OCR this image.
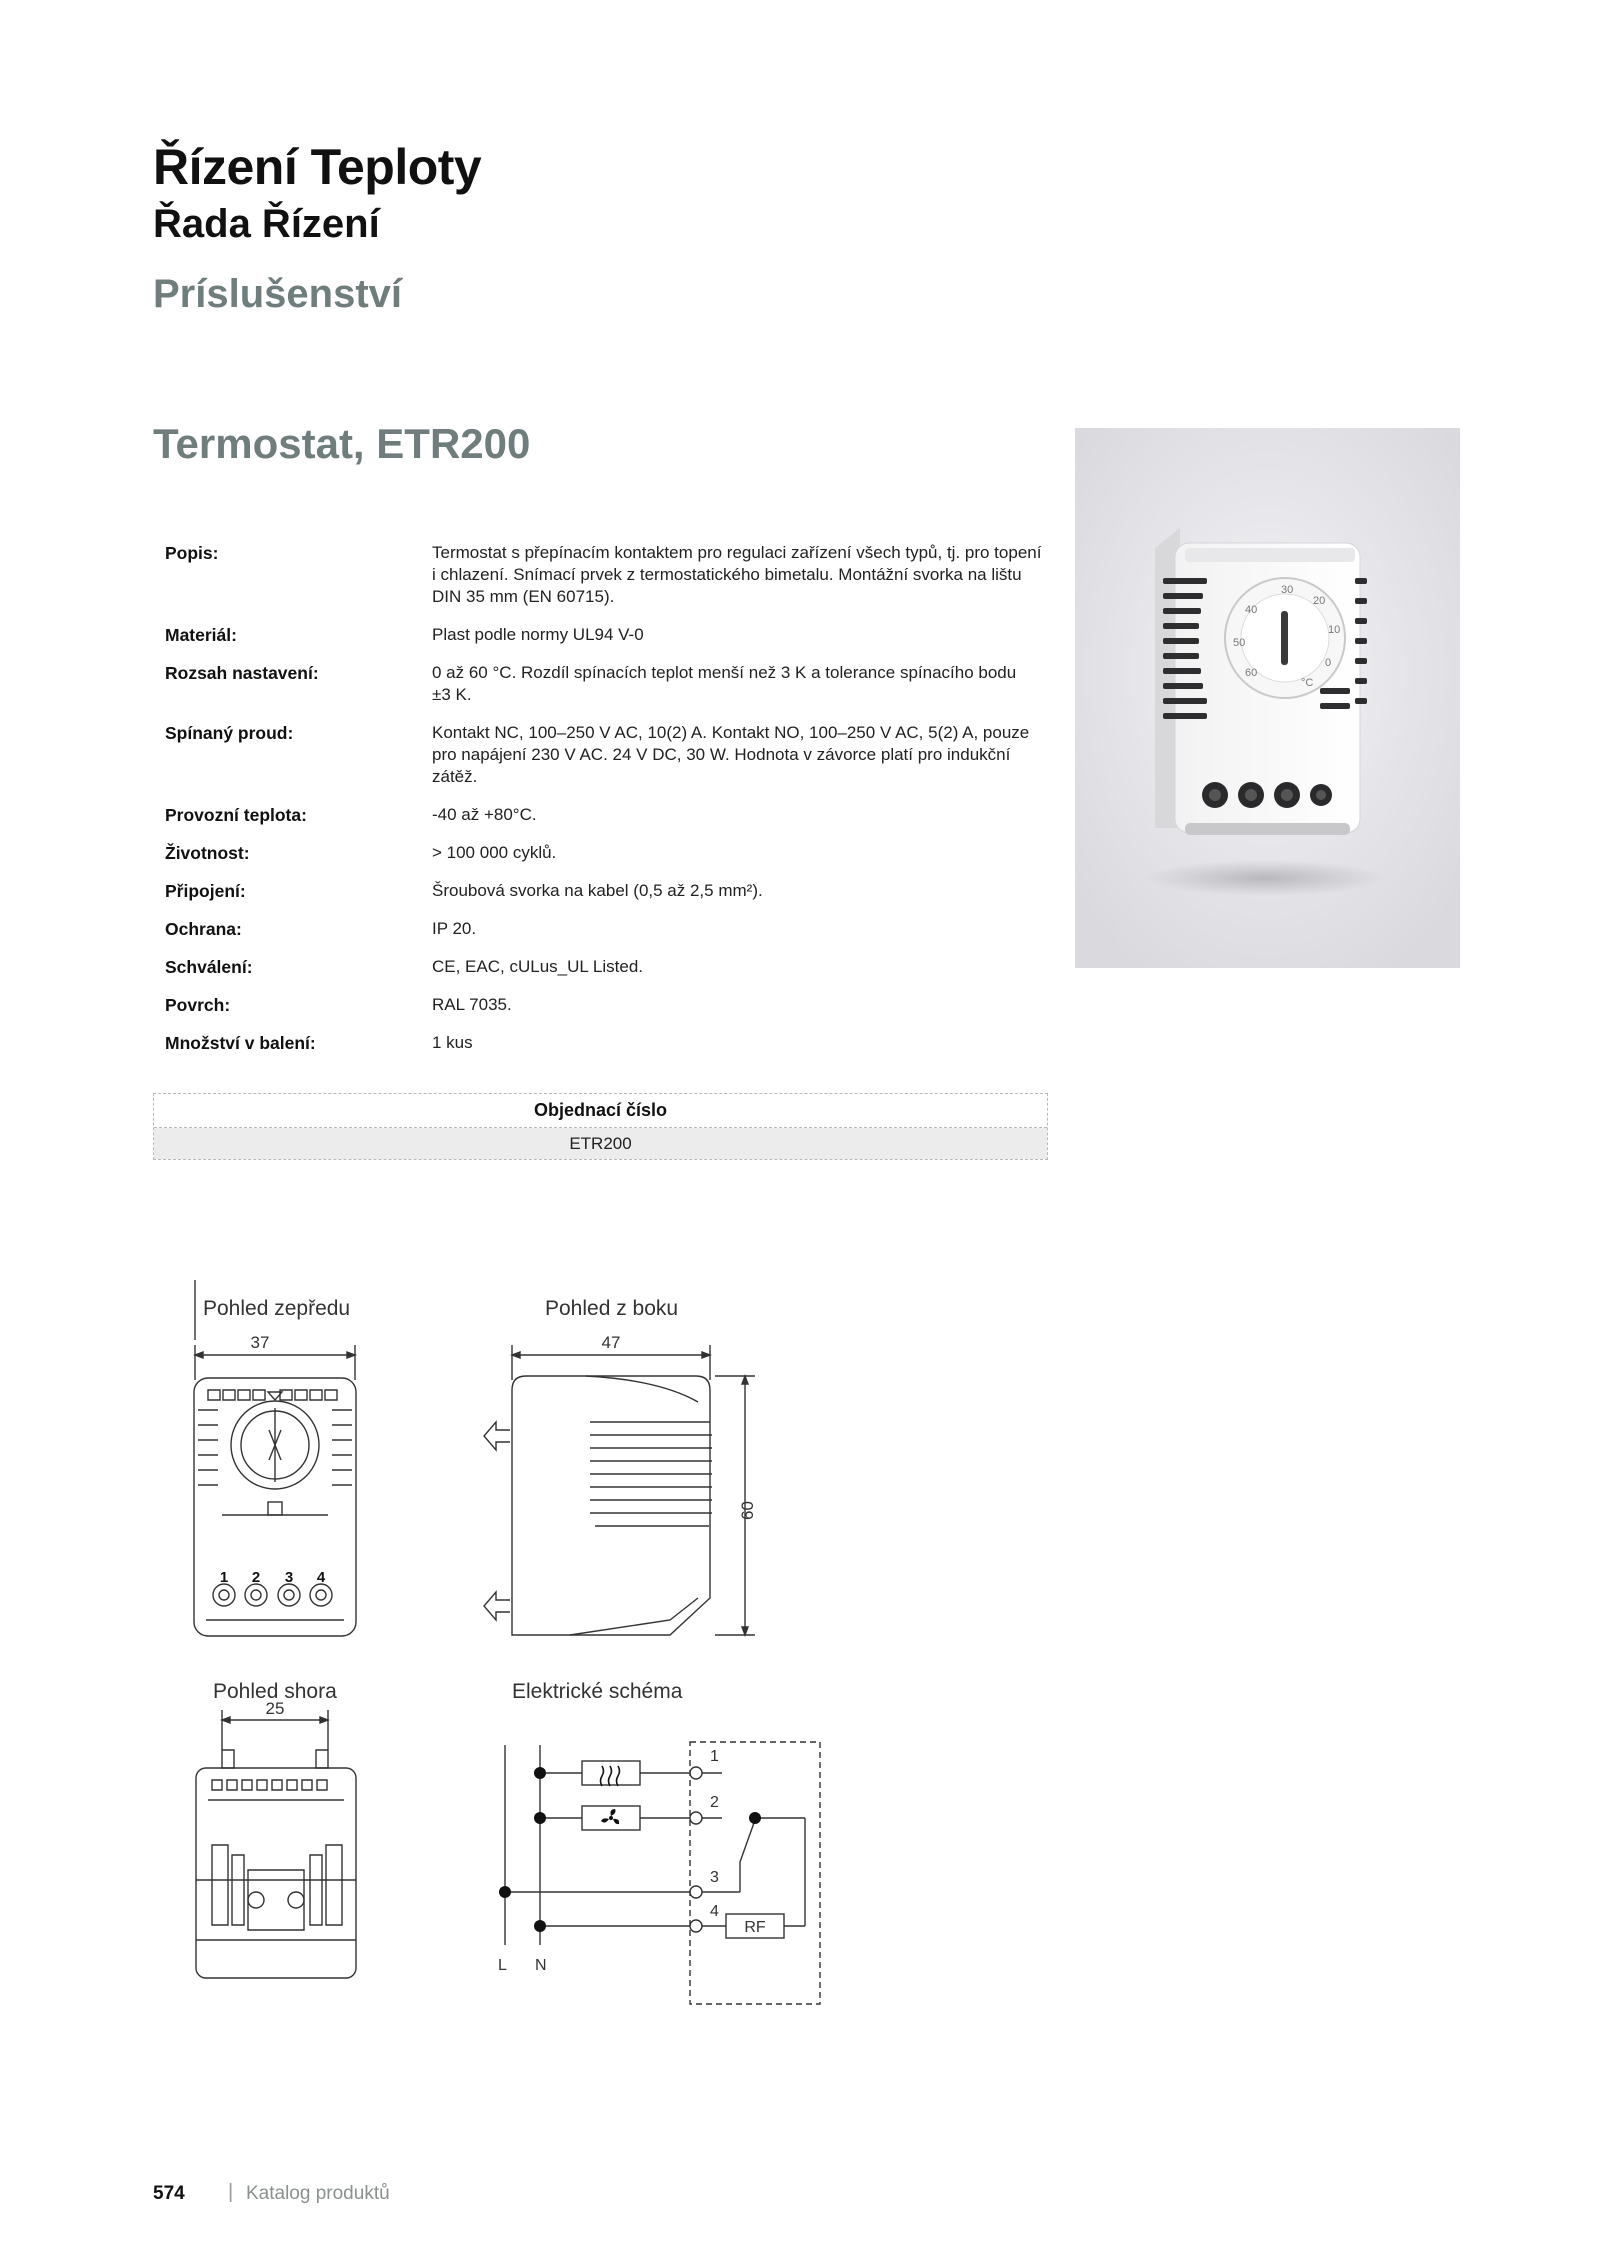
Řízení Teploty
Řada Řízení
Príslušenství
Termostat, ETR200
Popis:	Termostat s přepínacím kontaktem pro regulaci zařízení všech typů, tj. pro topení i chlazení. Snímací prvek z termostatického bimetalu. Montážní svorka na lištu DIN 35 mm (EN 60715).
Materiál:	Plast podle normy UL94 V-0
Rozsah nastavení:	0 až 60 °C. Rozdíl spínacích teplot menší než 3 K a tolerance spínacího bodu ±3 K.
Spínaný proud:	Kontakt NC, 100–250 V AC, 10(2) A. Kontakt NO, 100–250 V AC, 5(2) A, pouze pro napájení 230 V AC. 24 V DC, 30 W. Hodnota v závorce platí pro indukční zátěž.
Provozní teplota:	-40 až +80°C.
Životnost:	> 100 000 cyklů.
Připojení:	Šroubová svorka na kabel (0,5 až 2,5 mm²).
Ochrana:	IP 20.
Schválení:	CE, EAC, cULus_UL Listed.
Povrch:	RAL 7035.
Množství v balení:	1 kus
Objednací číslo
ETR200
30
20
10
0
°C
60
50
40
Pohled zepředu
37
1 2 3 4
Pohled z boku
47
60
Pohled shora
25
Elektrické schéma
1
2
3
4
RF
L N
574 | Katalog produktů
